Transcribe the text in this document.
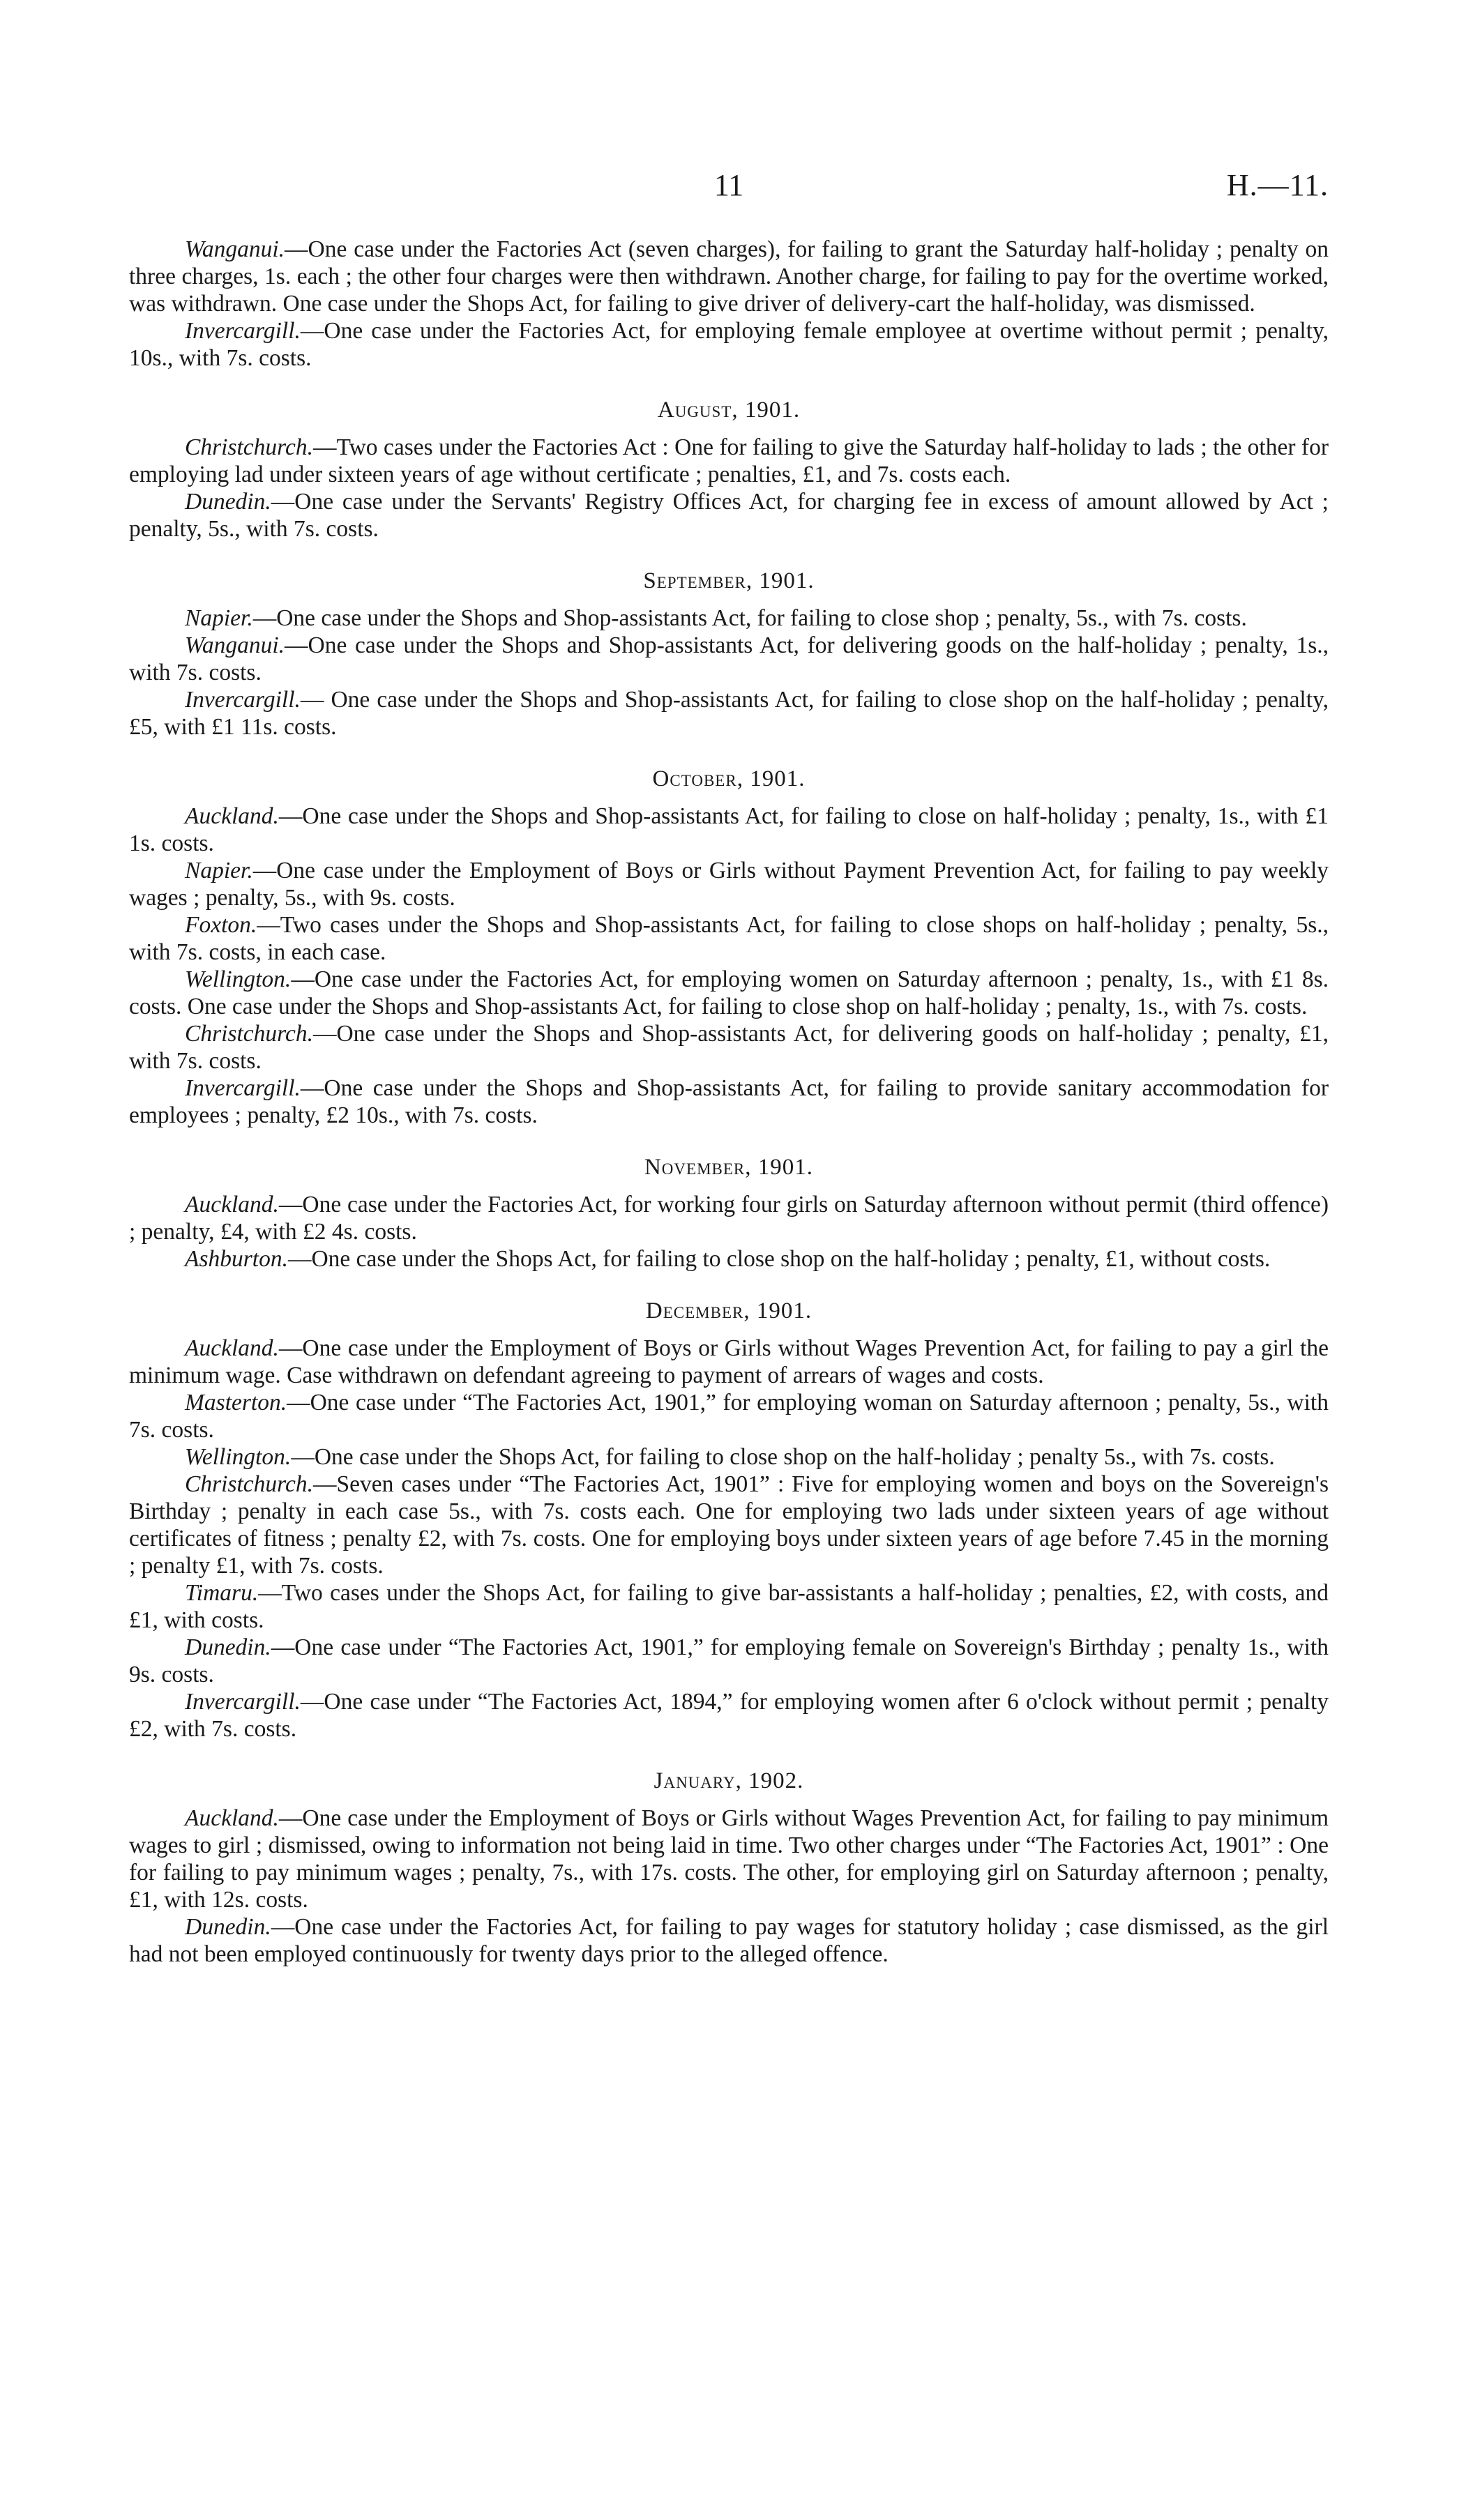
11	H.—11.

Wanganui.—One case under the Factories Act (seven charges), for failing to grant the Saturday half-holiday ; penalty on three charges, 1s. each ; the other four charges were then withdrawn. Another charge, for failing to pay for the overtime worked, was withdrawn. One case under the Shops Act, for failing to give driver of delivery-cart the half-holiday, was dismissed.

Invercargill.—One case under the Factories Act, for employing female employee at overtime without permit ; penalty, 10s., with 7s. costs.

August, 1901.

Christchurch.—Two cases under the Factories Act : One for failing to give the Saturday half-holiday to lads ; the other for employing lad under sixteen years of age without certificate ; penalties, £1, and 7s. costs each.

Dunedin.—One case under the Servants' Registry Offices Act, for charging fee in excess of amount allowed by Act ; penalty, 5s., with 7s. costs.

September, 1901.

Napier.—One case under the Shops and Shop-assistants Act, for failing to close shop ; penalty, 5s., with 7s. costs.

Wanganui.—One case under the Shops and Shop-assistants Act, for delivering goods on the half-holiday ; penalty, 1s., with 7s. costs.

Invercargill.— One case under the Shops and Shop-assistants Act, for failing to close shop on the half-holiday ; penalty, £5, with £1 11s. costs.

October, 1901.

Auckland.—One case under the Shops and Shop-assistants Act, for failing to close on half-holiday ; penalty, 1s., with £1 1s. costs.

Napier.—One case under the Employment of Boys or Girls without Payment Prevention Act, for failing to pay weekly wages ; penalty, 5s., with 9s. costs.

Foxton.—Two cases under the Shops and Shop-assistants Act, for failing to close shops on half-holiday ; penalty, 5s., with 7s. costs, in each case.

Wellington.—One case under the Factories Act, for employing women on Saturday afternoon ; penalty, 1s., with £1 8s. costs. One case under the Shops and Shop-assistants Act, for failing to close shop on half-holiday ; penalty, 1s., with 7s. costs.

Christchurch.—One case under the Shops and Shop-assistants Act, for delivering goods on half-holiday ; penalty, £1, with 7s. costs.

Invercargill.—One case under the Shops and Shop-assistants Act, for failing to provide sanitary accommodation for employees ; penalty, £2 10s., with 7s. costs.

November, 1901.

Auckland.—One case under the Factories Act, for working four girls on Saturday afternoon without permit (third offence) ; penalty, £4, with £2 4s. costs.

Ashburton.—One case under the Shops Act, for failing to close shop on the half-holiday ; penalty, £1, without costs.

December, 1901.

Auckland.—One case under the Employment of Boys or Girls without Wages Prevention Act, for failing to pay a girl the minimum wage. Case withdrawn on defendant agreeing to payment of arrears of wages and costs.

Masterton.—One case under “The Factories Act, 1901,” for employing woman on Saturday afternoon ; penalty, 5s., with 7s. costs.

Wellington.—One case under the Shops Act, for failing to close shop on the half-holiday ; penalty 5s., with 7s. costs.

Christchurch.—Seven cases under “The Factories Act, 1901” : Five for employing women and boys on the Sovereign's Birthday ; penalty in each case 5s., with 7s. costs each. One for employing two lads under sixteen years of age without certificates of fitness ; penalty £2, with 7s. costs. One for employing boys under sixteen years of age before 7.45 in the morning ; penalty £1, with 7s. costs.

Timaru.—Two cases under the Shops Act, for failing to give bar-assistants a half-holiday ; penalties, £2, with costs, and £1, with costs.

Dunedin.—One case under “The Factories Act, 1901,” for employing female on Sovereign's Birthday ; penalty 1s., with 9s. costs.

Invercargill.—One case under “The Factories Act, 1894,” for employing women after 6 o'clock without permit ; penalty £2, with 7s. costs.

January, 1902.

Auckland.—One case under the Employment of Boys or Girls without Wages Prevention Act, for failing to pay minimum wages to girl ; dismissed, owing to information not being laid in time. Two other charges under “The Factories Act, 1901” : One for failing to pay minimum wages ; penalty, 7s., with 17s. costs. The other, for employing girl on Saturday afternoon ; penalty, £1, with 12s. costs.

Dunedin.—One case under the Factories Act, for failing to pay wages for statutory holiday ; case dismissed, as the girl had not been employed continuously for twenty days prior to the alleged offence.
